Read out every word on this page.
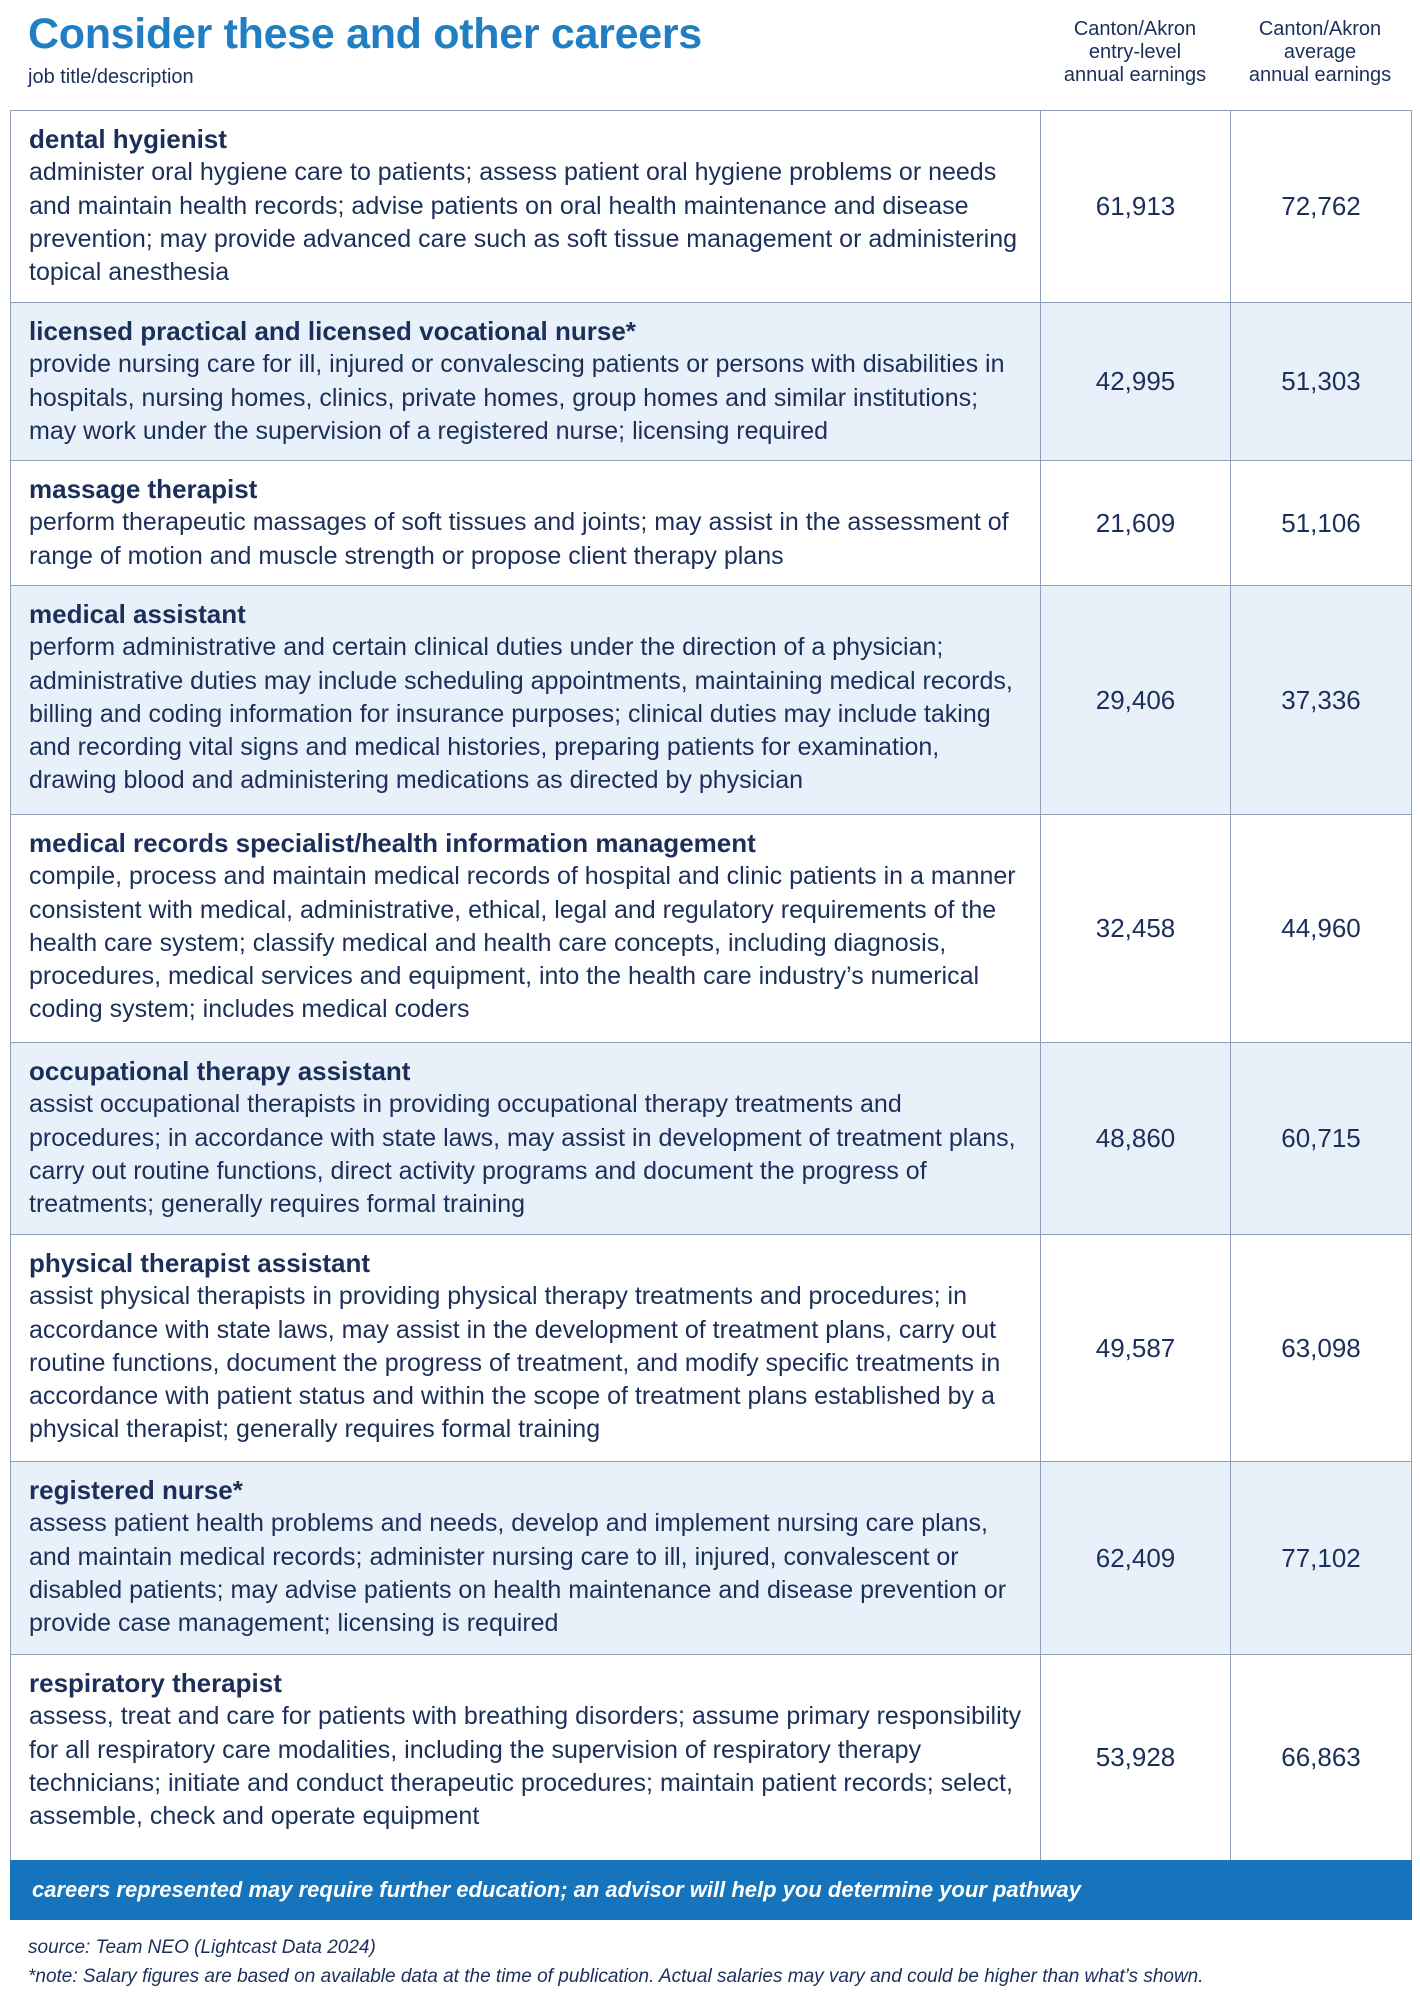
Consider these and other careers
job title/description
Canton/Akron
entry-level
annual earnings
Canton/Akron
average
annual earnings
dental hygienist
administer oral hygiene care to patients; assess patient oral hygiene problems or needs and maintain health records; advise patients on oral health maintenance and disease prevention; may provide advanced care such as soft tissue management or administering topical anesthesia
61,913	72,762
licensed practical and licensed vocational nurse*
provide nursing care for ill, injured or convalescing patients or persons with disabilities in hospitals, nursing homes, clinics, private homes, group homes and similar institutions; may work under the supervision of a registered nurse; licensing required
42,995	51,303
massage therapist
perform therapeutic massages of soft tissues and joints; may assist in the assessment of range of motion and muscle strength or propose client therapy plans
21,609	51,106
medical assistant
perform administrative and certain clinical duties under the direction of a physician; administrative duties may include scheduling appointments, maintaining medical records, billing and coding information for insurance purposes; clinical duties may include taking and recording vital signs and medical histories, preparing patients for examination, drawing blood and administering medications as directed by physician
29,406	37,336
medical records specialist/health information management
compile, process and maintain medical records of hospital and clinic patients in a manner consistent with medical, administrative, ethical, legal and regulatory requirements of the health care system; classify medical and health care concepts, including diagnosis, procedures, medical services and equipment, into the health care industry’s numerical coding system; includes medical coders
32,458	44,960
occupational therapy assistant
assist occupational therapists in providing occupational therapy treatments and procedures; in accordance with state laws, may assist in development of treatment plans, carry out routine functions, direct activity programs and document the progress of treatments; generally requires formal training
48,860	60,715
physical therapist assistant
assist physical therapists in providing physical therapy treatments and procedures; in accordance with state laws, may assist in the development of treatment plans, carry out routine functions, document the progress of treatment, and modify specific treatments in accordance with patient status and within the scope of treatment plans established by a physical therapist; generally requires formal training
49,587	63,098
registered nurse*
assess patient health problems and needs, develop and implement nursing care plans, and maintain medical records; administer nursing care to ill, injured, convalescent or disabled patients; may advise patients on health maintenance and disease prevention or provide case management; licensing is required
62,409	77,102
respiratory therapist
assess, treat and care for patients with breathing disorders; assume primary responsibility for all respiratory care modalities, including the supervision of respiratory therapy technicians; initiate and conduct therapeutic procedures; maintain patient records; select, assemble, check and operate equipment
53,928	66,863
careers represented may require further education; an advisor will help you determine your pathway
source: Team NEO (Lightcast Data 2024)
*note: Salary figures are based on available data at the time of publication. Actual salaries may vary and could be higher than what’s shown.
